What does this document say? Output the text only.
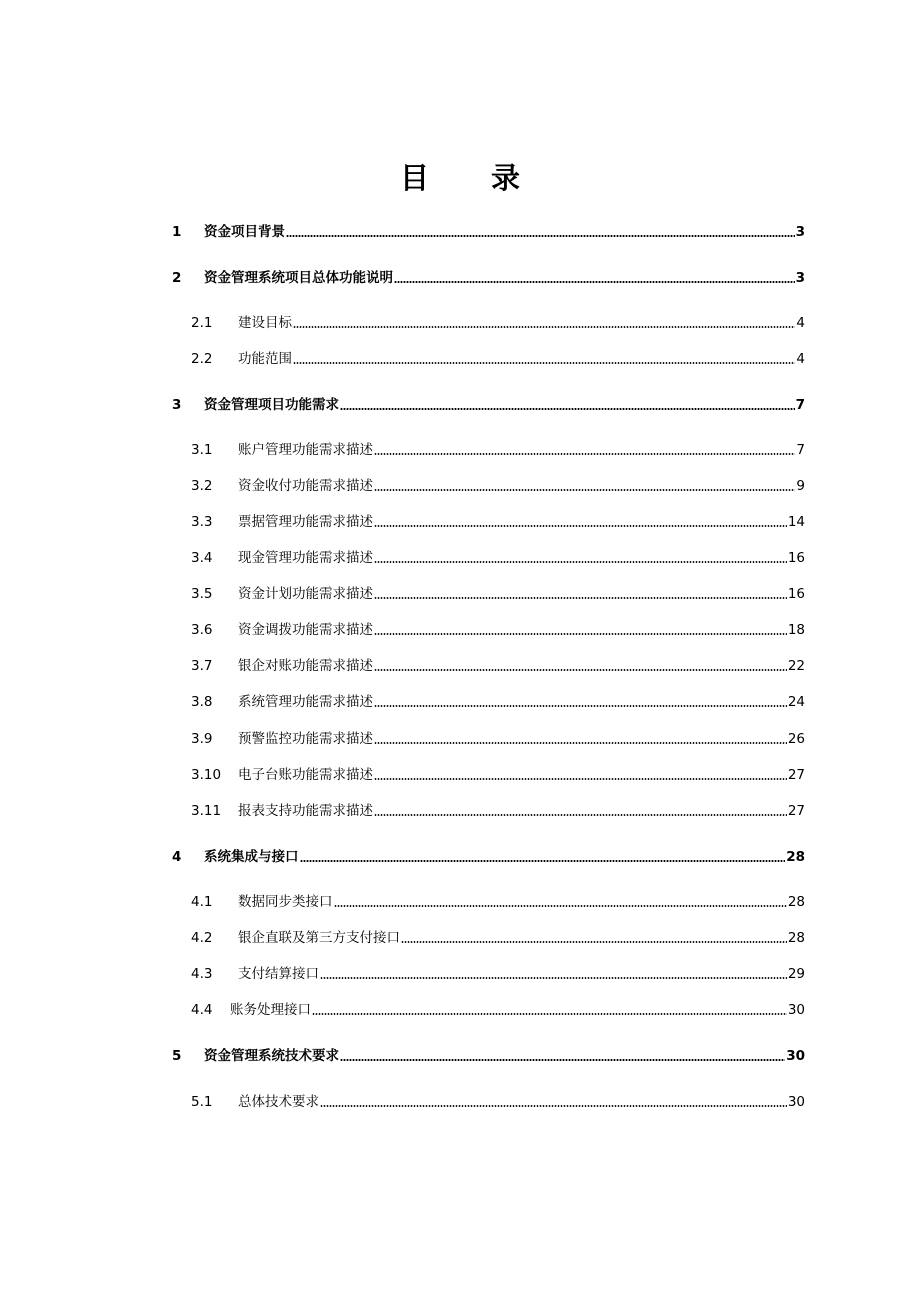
目 录
1	资金项目背景	3
2	资金管理系统项目总体功能说明	3
2.1	建设目标	4
2.2	功能范围	4
3	资金管理项目功能需求	7
3.1	账户管理功能需求描述	7
3.2	资金收付功能需求描述	9
3.3	票据管理功能需求描述	14
3.4	现金管理功能需求描述	16
3.5	资金计划功能需求描述	16
3.6	资金调拨功能需求描述	18
3.7	银企对账功能需求描述	22
3.8	系统管理功能需求描述	24
3.9	预警监控功能需求描述	26
3.10	电子台账功能需求描述	27
3.11	报表支持功能需求描述	27
4	系统集成与接口	28
4.1	数据同步类接口	28
4.2	银企直联及第三方支付接口	28
4.3	支付结算接口	29
4.4	账务处理接口	30
5	资金管理系统技术要求	30
5.1	总体技术要求	30
